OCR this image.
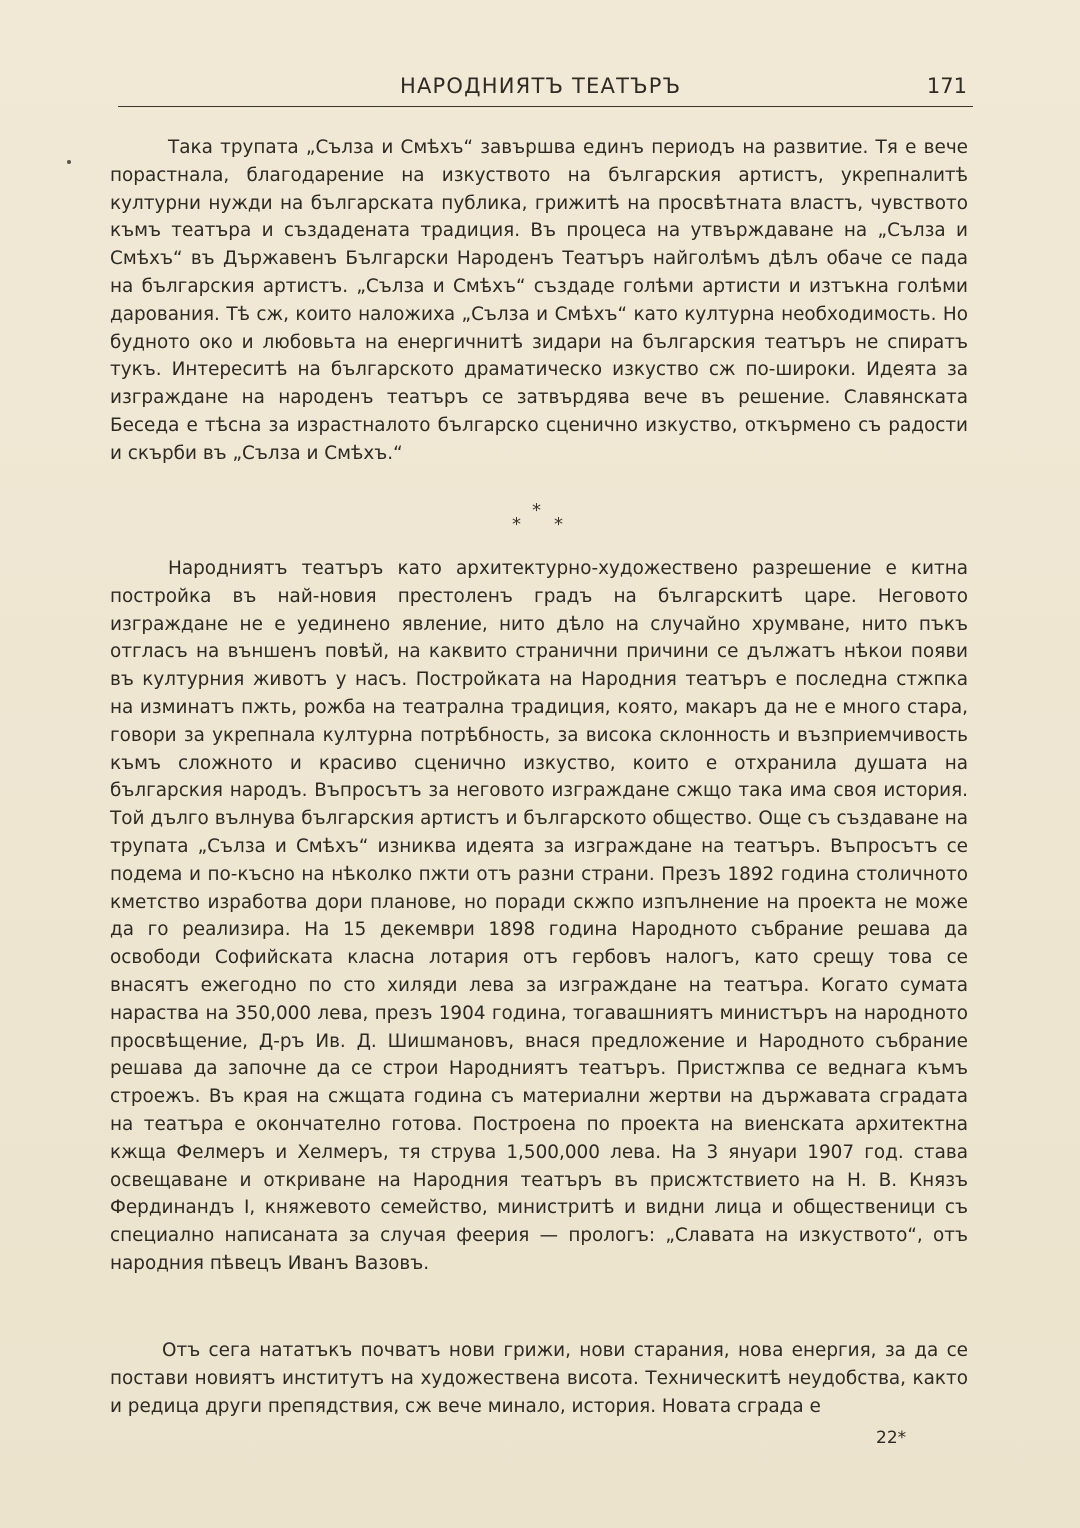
НАРОДНИЯТЪ ТЕАТЪРЪ	171

Така трупата „Сълза и Смѣхъ“ завършва единъ периодъ на развитие. Тя е вече порастнала, благодарение на изкуството на българския артистъ, укрепналитѣ културни нужди на българската публика, грижитѣ на просвѣтната властъ, чувството къмъ театъра и създадената традиция. Въ процеса на утвърждаване на „Сълза и Смѣхъ“ въ Държавенъ Български Народенъ Театъръ найголѣмъ дѣлъ обаче се пада на българския артистъ. „Сълза и Смѣхъ“ създаде голѣми артисти и изтъкна голѣми дарования. Тѣ сж, които наложиха „Сълза и Смѣхъ“ като културна необходимость. Но будното око и любовьта на енергичнитѣ зидари на българския театъръ не спиратъ тукъ. Интереситѣ на българското драматическо изкуство сж по-широки. Идеята за изграждане на народенъ театъръ се затвърдява вече въ решение. Славянската Беседа е тѣсна за израстналото българско сценично изкуство, откърмено съ радости и скърби въ „Сълза и Смѣхъ.“

*
* *

Народниятъ театъръ като архитектурно-художествено разрешение е китна постройка въ най-новия престоленъ градъ на българскитѣ царе. Неговото изграждане не е уединено явление, нито дѣло на случайно хрумване, нито пъкъ отгласъ на външенъ повѣй, на каквито странични причини се дължатъ нѣкои появи въ културния животъ у насъ. Постройката на Народния театъръ е последна стжпка на изминатъ пжть, рожба на театрална традиция, която, макаръ да не е много стара, говори за укрепнала културна потрѣбность, за висока склонность и възприемчивость къмъ сложното и красиво сценично изкуство, които е отхранила душата на българския народъ. Въпросътъ за неговото изграждане сжщо така има своя история. Той дълго вълнува българския артистъ и българското общество. Още съ създаване на трупата „Сълза и Смѣхъ“ изниква идеята за изграждане на театъръ. Въпросътъ се подема и по-късно на нѣколко пжти отъ разни страни. Презъ 1892 година столичното кметство изработва дори планове, но поради скжпо изпълнение на проекта не може да го реализира. На 15 декември 1898 година Народното събрание решава да освободи Софийската класна лотария отъ гербовъ налогъ, като срещу това се внасятъ ежегодно по сто хиляди лева за изграждане на театъра. Когато сумата нараства на 350,000 лева, презъ 1904 година, тогавашниятъ министъръ на народното просвѣщение, Д-ръ Ив. Д. Шишмановъ, внася предложение и Народното събрание решава да започне да се строи Народниятъ театъръ. Пристжпва се веднага къмъ строежъ. Въ края на сжщата година съ материални жертви на държавата сградата на театъра е окончателно готова. Построена по проекта на виенската архитектна кжща Фелмеръ и Хелмеръ, тя струва 1,500,000 лева. На 3 януари 1907 год. става освещаване и откриване на Народния театъръ въ присжтствието на Н. В. Князъ Фердинандъ I, княжевото семейство, министритѣ и видни лица и общественици съ специално написаната за случая феерия — прологъ: „Славата на изкуството“, отъ народния пѣвецъ Иванъ Вазовъ.

Отъ сега нататъкъ почватъ нови грижи, нови старания, нова енергия, за да се постави новиятъ институтъ на художествена висота. Техническитѣ неудобства, както и редица други препядствия, сж вече минало, история. Новата сграда е

22*
